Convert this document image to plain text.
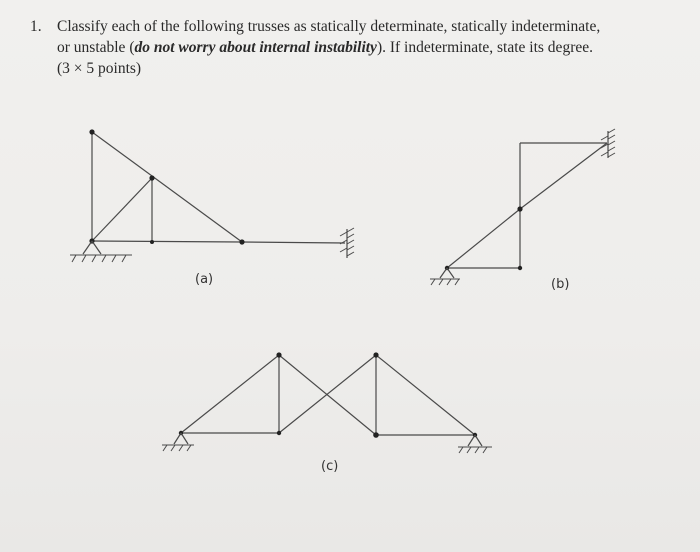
1. Classify each of the following trusses as statically determinate, statically indeterminate,
or unstable (do not worry about internal instability). If indeterminate, state its degree.
(3 × 5 points)
(a)	(b)
(c)
